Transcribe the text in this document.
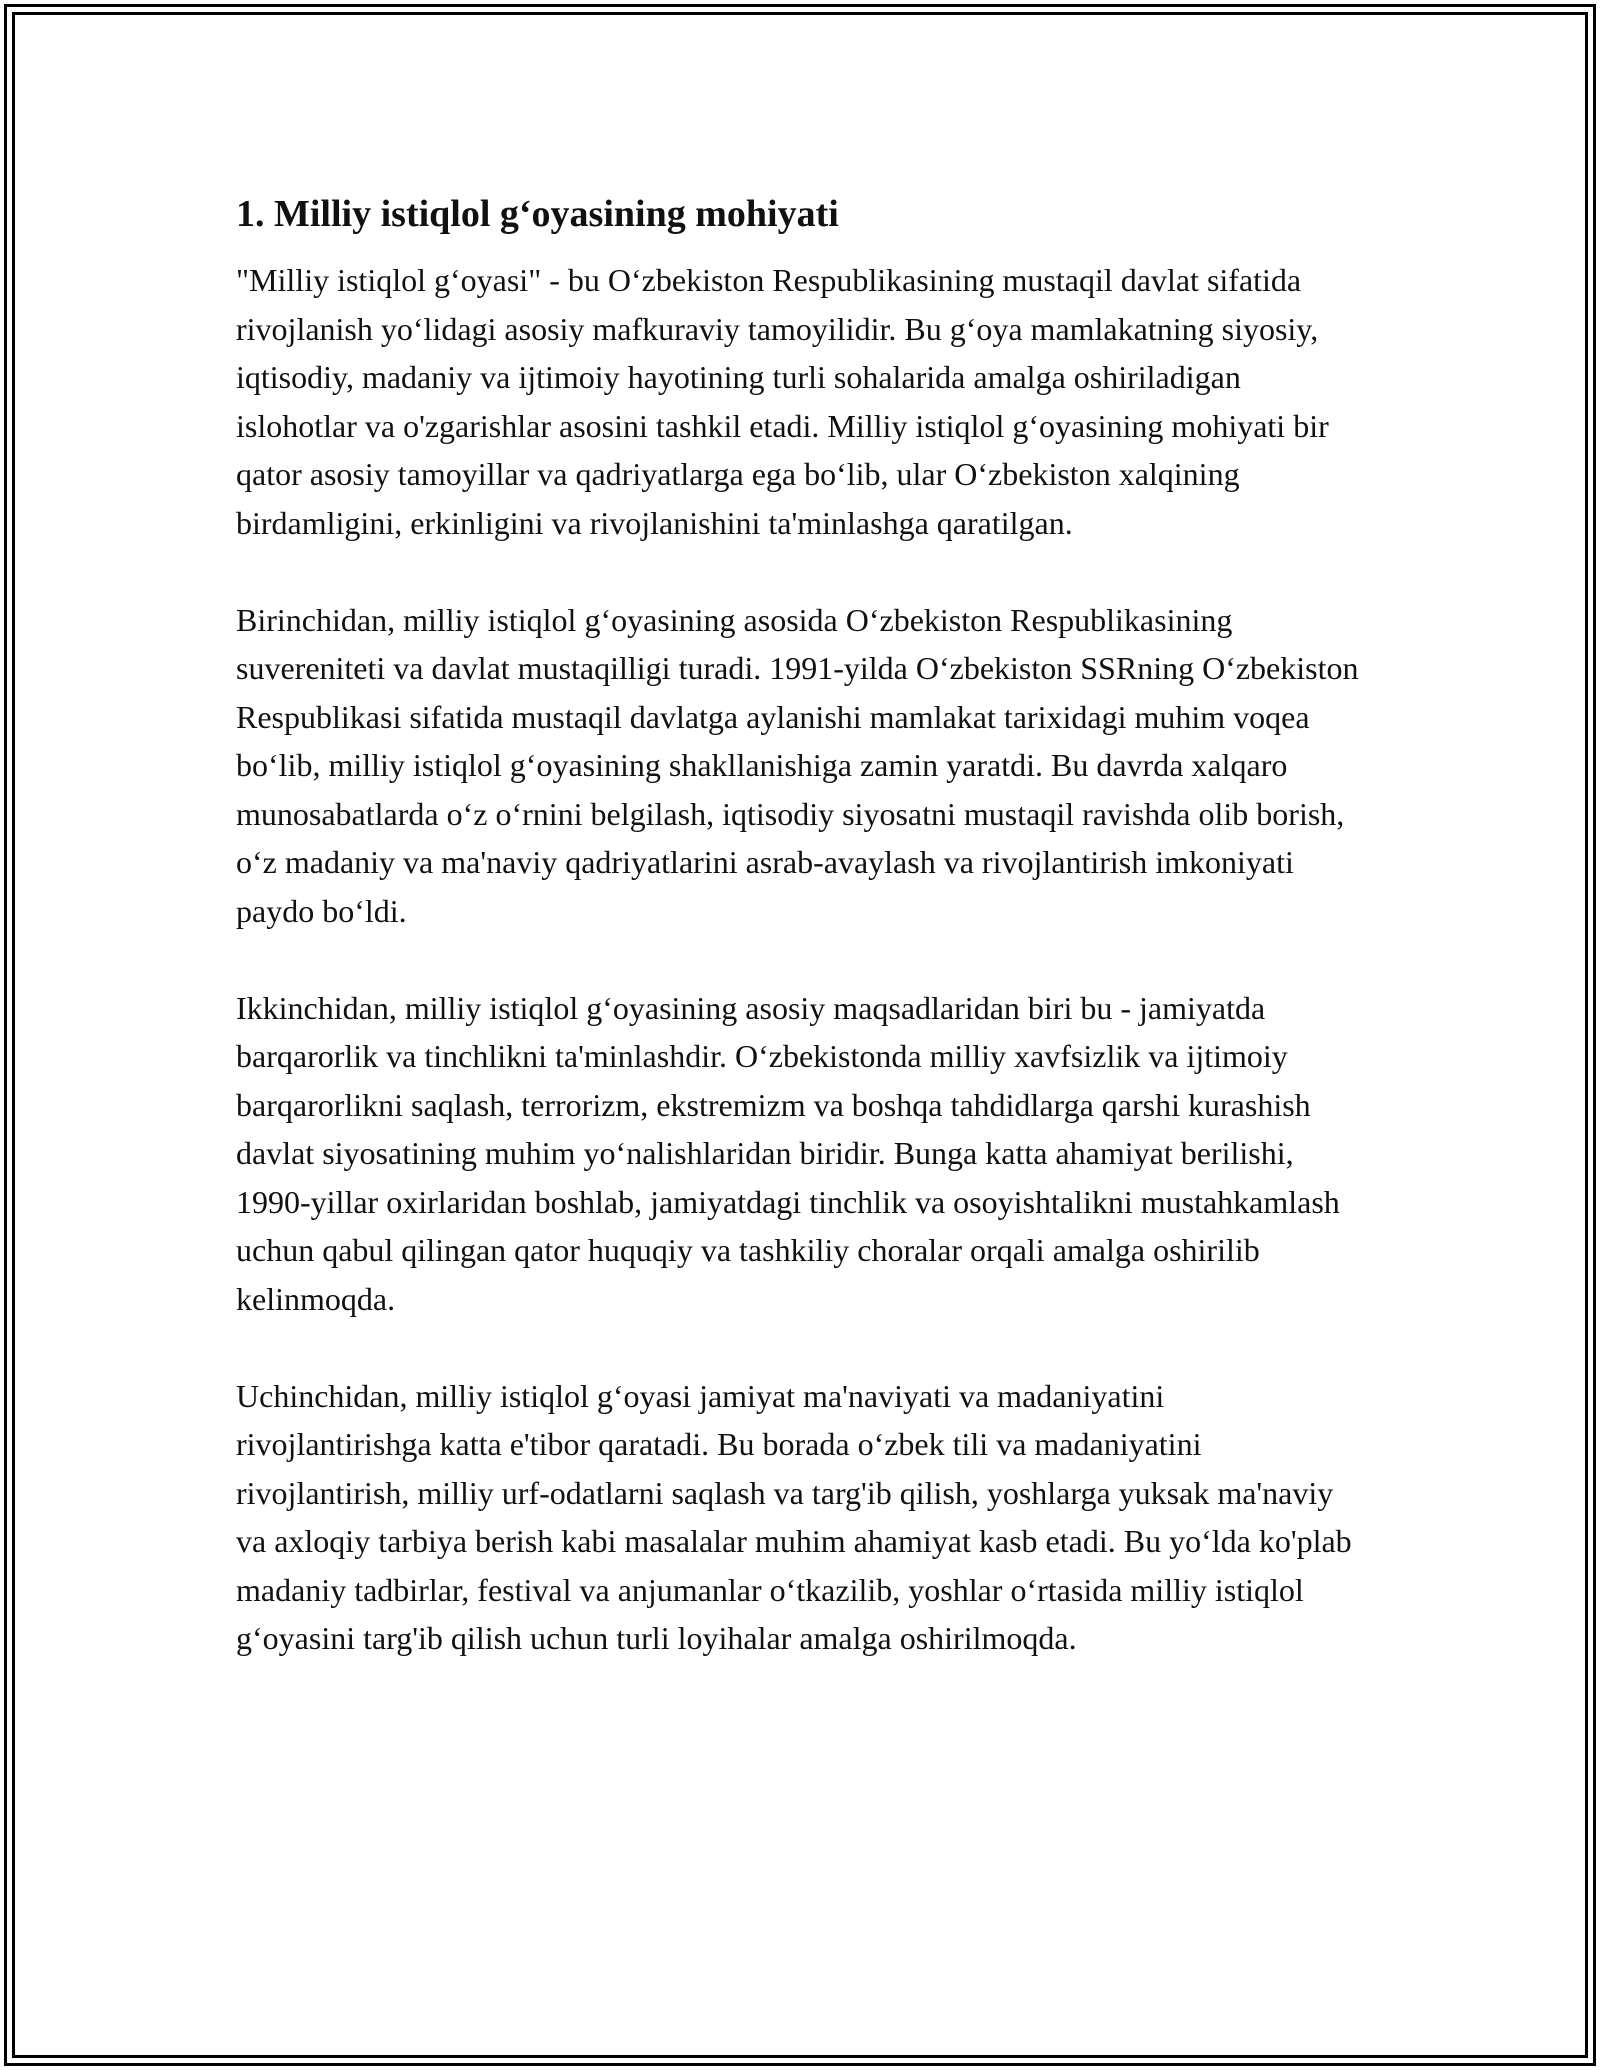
1. Milliy istiqlol g‘oyasining mohiyati

"Milliy istiqlol g‘oyasi" - bu O‘zbekiston Respublikasining mustaqil davlat sifatida rivojlanish yo‘lidagi asosiy mafkuraviy tamoyilidir. Bu g‘oya mamlakatning siyosiy, iqtisodiy, madaniy va ijtimoiy hayotining turli sohalarida amalga oshiriladigan islohotlar va o'zgarishlar asosini tashkil etadi. Milliy istiqlol g‘oyasining mohiyati bir qator asosiy tamoyillar va qadriyatlarga ega bo‘lib, ular O‘zbekiston xalqining birdamligini, erkinligini va rivojlanishini ta'minlashga qaratilgan.

Birinchidan, milliy istiqlol g‘oyasining asosida O‘zbekiston Respublikasining suvereniteti va davlat mustaqilligi turadi. 1991-yilda O‘zbekiston SSRning O‘zbekiston Respublikasi sifatida mustaqil davlatga aylanishi mamlakat tarixidagi muhim voqea bo‘lib, milliy istiqlol g‘oyasining shakllanishiga zamin yaratdi. Bu davrda xalqaro munosabatlarda o‘z o‘rnini belgilash, iqtisodiy siyosatni mustaqil ravishda olib borish, o‘z madaniy va ma'naviy qadriyatlarini asrab-avaylash va rivojlantirish imkoniyati paydo bo‘ldi.

Ikkinchidan, milliy istiqlol g‘oyasining asosiy maqsadlaridan biri bu - jamiyatda barqarorlik va tinchlikni ta'minlashdir. O‘zbekistonda milliy xavfsizlik va ijtimoiy barqarorlikni saqlash, terrorizm, ekstremizm va boshqa tahdidlarga qarshi kurashish davlat siyosatining muhim yo‘nalishlaridan biridir. Bunga katta ahamiyat berilishi, 1990-yillar oxirlaridan boshlab, jamiyatdagi tinchlik va osoyishtalikni mustahkamlash uchun qabul qilingan qator huquqiy va tashkiliy choralar orqali amalga oshirilib kelinmoqda.

Uchinchidan, milliy istiqlol g‘oyasi jamiyat ma'naviyati va madaniyatini rivojlantirishga katta e'tibor qaratadi. Bu borada o‘zbek tili va madaniyatini rivojlantirish, milliy urf-odatlarni saqlash va targ'ib qilish, yoshlarga yuksak ma'naviy va axloqiy tarbiya berish kabi masalalar muhim ahamiyat kasb etadi. Bu yo‘lda ko'plab madaniy tadbirlar, festival va anjumanlar o‘tkazilib, yoshlar o‘rtasida milliy istiqlol g‘oyasini targ'ib qilish uchun turli loyihalar amalga oshirilmoqda.
